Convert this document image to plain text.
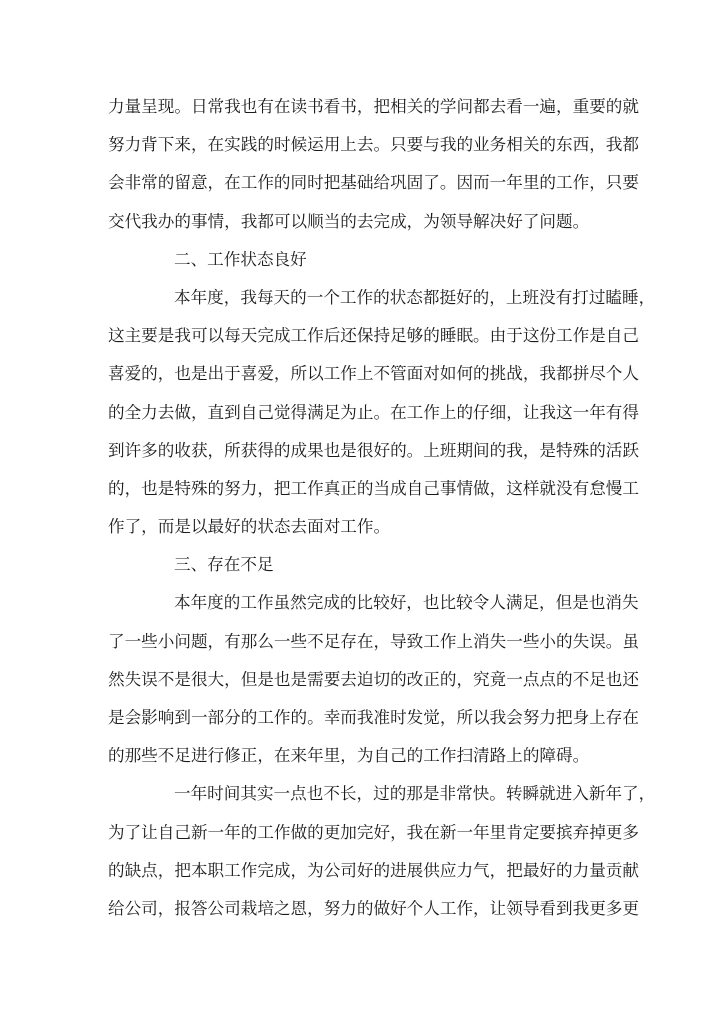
力量呈现。日常我也有在读书看书，把相关的学问都去看一遍，重要的就
努力背下来，在实践的时候运用上去。只要与我的业务相关的东西，我都
会非常的留意，在工作的同时把基础给巩固了。因而一年里的工作，只要
交代我办的事情，我都可以顺当的去完成，为领导解决好了问题。
二、工作状态良好
本年度，我每天的一个工作的状态都挺好的，上班没有打过瞌睡，
这主要是我可以每天完成工作后还保持足够的睡眠。由于这份工作是自己
喜爱的，也是出于喜爱，所以工作上不管面对如何的挑战，我都拼尽个人
的全力去做，直到自己觉得满足为止。在工作上的仔细，让我这一年有得
到许多的收获，所获得的成果也是很好的。上班期间的我，是特殊的活跃
的，也是特殊的努力，把工作真正的当成自己事情做，这样就没有怠慢工
作了，而是以最好的状态去面对工作。
三、存在不足
本年度的工作虽然完成的比较好，也比较令人满足，但是也消失
了一些小问题，有那么一些不足存在，导致工作上消失一些小的失误。虽
然失误不是很大，但是也是需要去迫切的改正的，究竟一点点的不足也还
是会影响到一部分的工作的。幸而我准时发觉，所以我会努力把身上存在
的那些不足进行修正，在来年里，为自己的工作扫清路上的障碍。
一年时间其实一点也不长，过的那是非常快。转瞬就进入新年了，
为了让自己新一年的工作做的更加完好，我在新一年里肯定要摈弃掉更多
的缺点，把本职工作完成，为公司好的进展供应力气，把最好的力量贡献
给公司，报答公司栽培之恩，努力的做好个人工作，让领导看到我更多更
